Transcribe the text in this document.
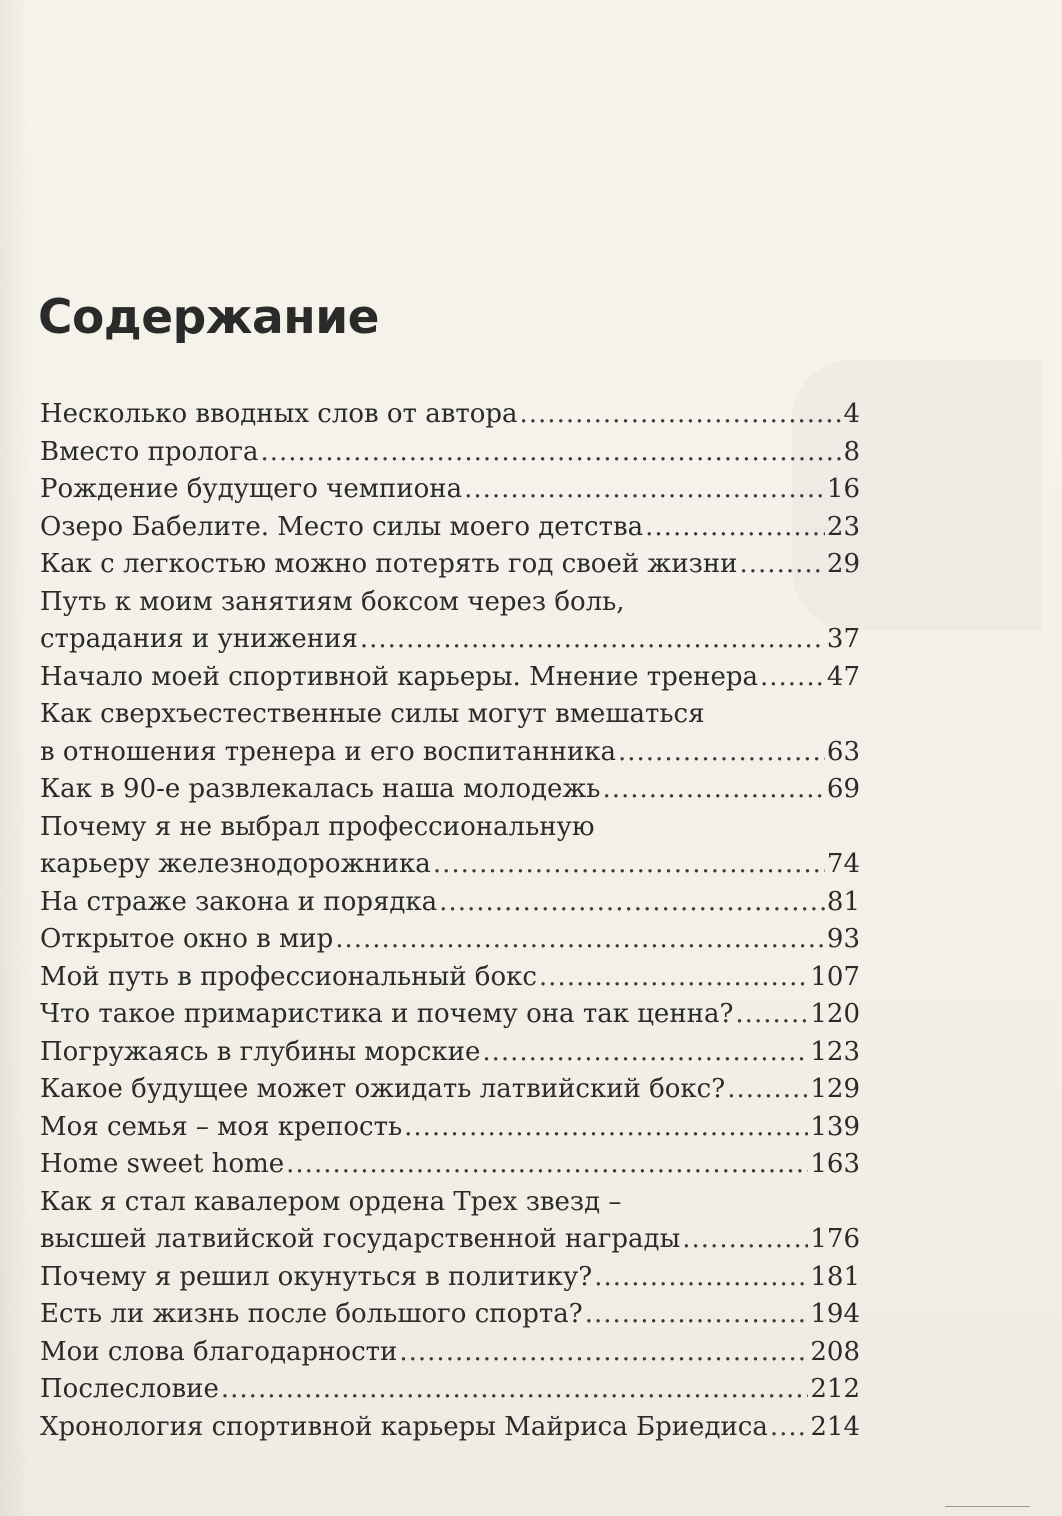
Содержание
Несколько вводных слов от автора .....	4
Вместо пролога .....	8
Рождение будущего чемпиона .....	16
Озеро Бабелите. Место силы моего детства .....	23
Как с легкостью можно потерять год своей жизни .....	29
Путь к моим занятиям боксом через боль,
страдания и унижения .....	37
Начало моей спортивной карьеры. Мнение тренера .....	47
Как сверхъестественные силы могут вмешаться
в отношения тренера и его воспитанника .....	63
Как в 90-е развлекалась наша молодежь .....	69
Почему я не выбрал профессиональную
карьеру железнодорожника .....	74
На страже закона и порядка .....	81
Открытое окно в мир .....	93
Мой путь в профессиональный бокс .....	107
Что такое примаристика и почему она так ценна? .....	120
Погружаясь в глубины морские .....	123
Какое будущее может ожидать латвийский бокс? .....	129
Моя семья – моя крепость .....	139
Home sweet home .....	163
Как я стал кавалером ордена Трех звезд –
высшей латвийской государственной награды .....	176
Почему я решил окунуться в политику? .....	181
Есть ли жизнь после большого спорта? .....	194
Мои слова благодарности .....	208
Послесловие .....	212
Хронология спортивной карьеры Майриса Бриедиса ..... 214
